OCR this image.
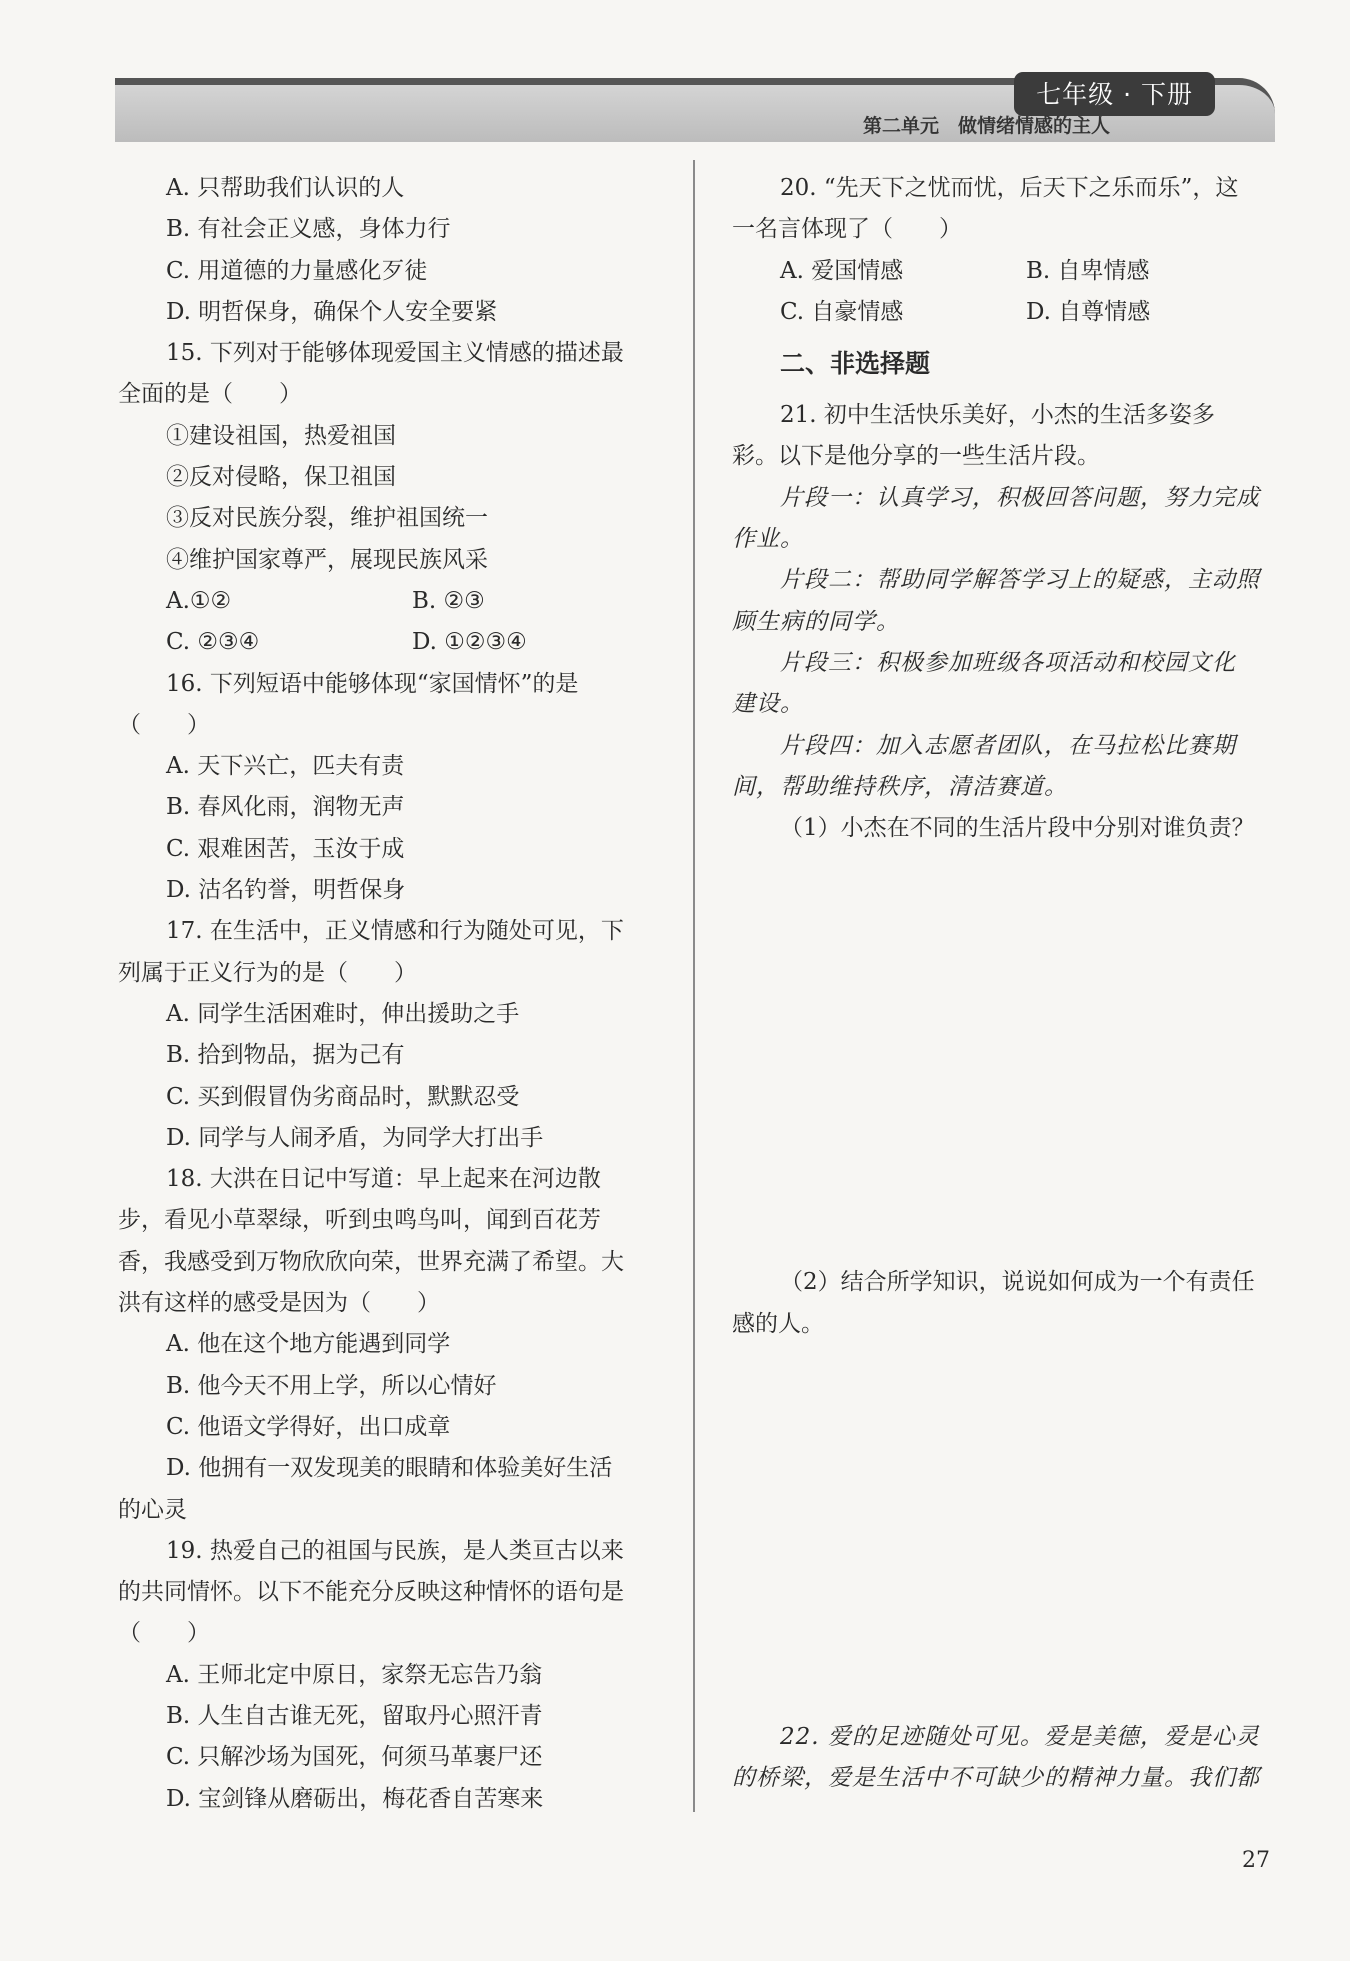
七年级 · 下册
第二单元　做情绪情感的主人
A. 只帮助我们认识的人
B. 有社会正义感，身体力行
C. 用道德的力量感化歹徒
D. 明哲保身，确保个人安全要紧
15. 下列对于能够体现爱国主义情感的描述最
全面的是（　　）
①建设祖国，热爱祖国
②反对侵略，保卫祖国
③反对民族分裂，维护祖国统一
④维护国家尊严，展现民族风采
A.①②	B. ②③
C. ②③④	D. ①②③④
16. 下列短语中能够体现“家国情怀”的是
（　　）
A. 天下兴亡，匹夫有责
B. 春风化雨，润物无声
C. 艰难困苦，玉汝于成
D. 沽名钓誉，明哲保身
17. 在生活中，正义情感和行为随处可见，下
列属于正义行为的是（　　）
A. 同学生活困难时，伸出援助之手
B. 拾到物品，据为己有
C. 买到假冒伪劣商品时，默默忍受
D. 同学与人闹矛盾，为同学大打出手
18. 大洪在日记中写道：早上起来在河边散
步，看见小草翠绿，听到虫鸣鸟叫，闻到百花芳
香，我感受到万物欣欣向荣，世界充满了希望。大
洪有这样的感受是因为（　　）
A. 他在这个地方能遇到同学
B. 他今天不用上学，所以心情好
C. 他语文学得好，出口成章
D. 他拥有一双发现美的眼睛和体验美好生活
的心灵
19. 热爱自己的祖国与民族，是人类亘古以来
的共同情怀。以下不能充分反映这种情怀的语句是
（　　）
A. 王师北定中原日，家祭无忘告乃翁
B. 人生自古谁无死，留取丹心照汗青
C. 只解沙场为国死，何须马革裹尸还
D. 宝剑锋从磨砺出，梅花香自苦寒来
20. “先天下之忧而忧，后天下之乐而乐”，这
一名言体现了（　　）
A. 爱国情感	B. 自卑情感
C. 自豪情感	D. 自尊情感
二、非选择题
21. 初中生活快乐美好，小杰的生活多姿多
彩。以下是他分享的一些生活片段。
片段一：认真学习，积极回答问题，努力完成
作业。
片段二：帮助同学解答学习上的疑惑，主动照
顾生病的同学。
片段三：积极参加班级各项活动和校园文化
建设。
片段四：加入志愿者团队，在马拉松比赛期
间，帮助维持秩序，清洁赛道。
（1）小杰在不同的生活片段中分别对谁负责？
（2）结合所学知识，说说如何成为一个有责任
感的人。
22. 爱的足迹随处可见。爱是美德，爱是心灵
的桥梁，爱是生活中不可缺少的精神力量。我们都
27
